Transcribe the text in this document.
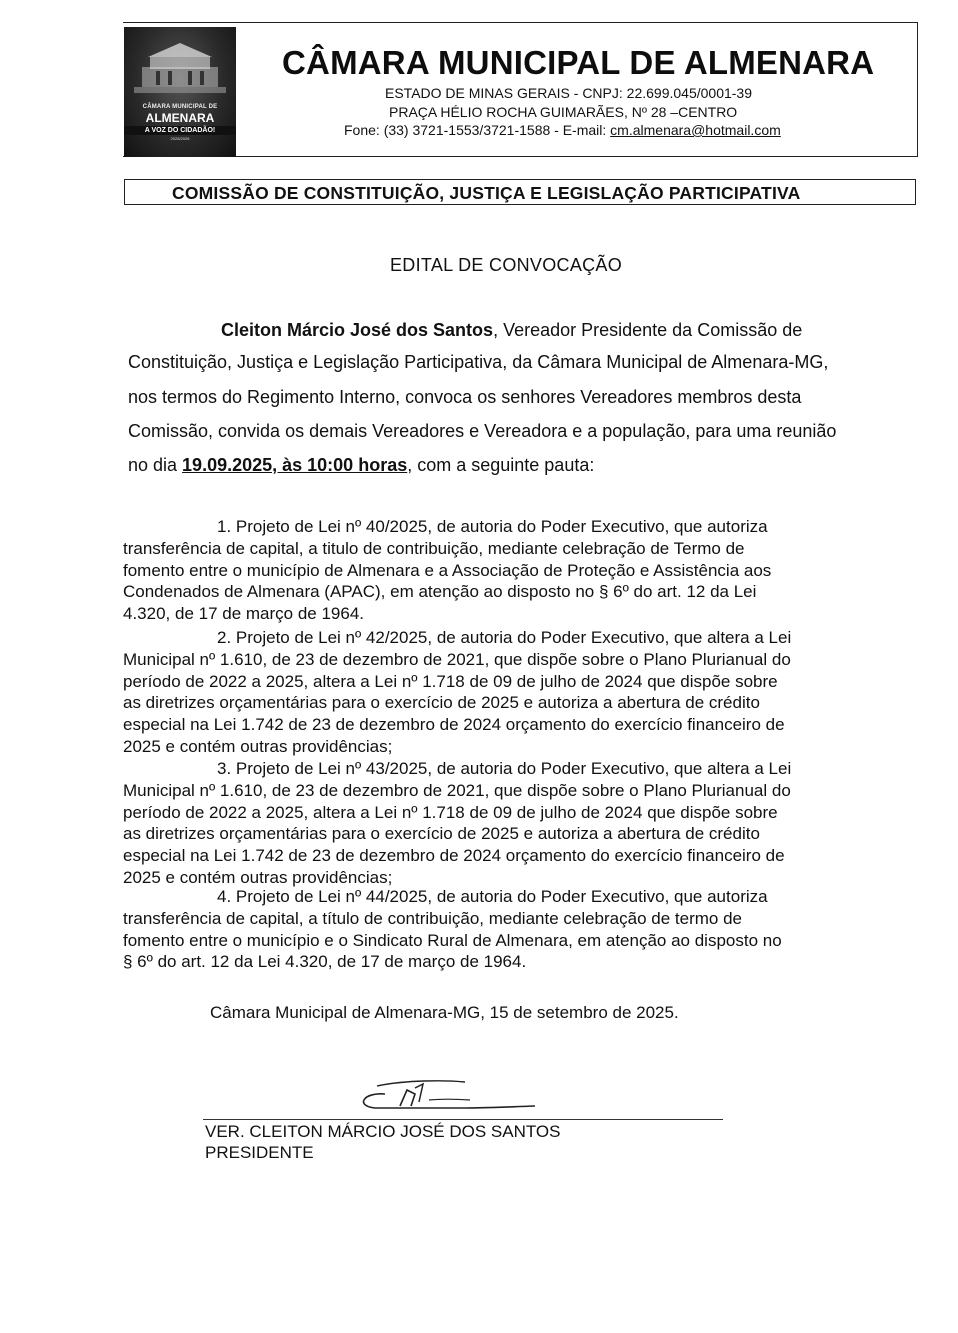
CÂMARA MUNICIPAL DE
ALMENARA
A VOZ DO CIDADÃO!
2025/2026
CÂMARA MUNICIPAL DE ALMENARA
ESTADO DE MINAS GERAIS - CNPJ: 22.699.045/0001-39
PRAÇA HÉLIO ROCHA GUIMARÃES, Nº 28 –CENTRO
Fone: (33) 3721-1553/3721-1588 - E-mail: cm.almenara@hotmail.com
COMISSÃO DE CONSTITUIÇÃO, JUSTIÇA E LEGISLAÇÃO PARTICIPATIVA
EDITAL DE CONVOCAÇÃO
Cleiton Márcio José dos Santos, Vereador Presidente da Comissão de
Constituição, Justiça e Legislação Participativa, da Câmara Municipal de Almenara-MG,
nos termos do Regimento Interno, convoca os senhores Vereadores membros desta
Comissão, convida os demais Vereadores e Vereadora e a população, para uma reunião
no dia 19.09.2025, às 10:00 horas, com a seguinte pauta:
1. Projeto de Lei nº 40/2025, de autoria do Poder Executivo, que autoriza
transferência de capital, a titulo de contribuição, mediante celebração de Termo de
fomento entre o município de Almenara e a Associação de Proteção e Assistência aos
Condenados de Almenara (APAC), em atenção ao disposto no § 6º do art. 12 da Lei
4.320, de 17 de março de 1964.
2. Projeto de Lei nº 42/2025, de autoria do Poder Executivo, que altera a Lei
Municipal nº 1.610, de 23 de dezembro de 2021, que dispõe sobre o Plano Plurianual do
período de 2022 a 2025, altera a Lei nº 1.718 de 09 de julho de 2024 que dispõe sobre
as diretrizes orçamentárias para o exercício de 2025 e autoriza a abertura de crédito
especial na Lei 1.742 de 23 de dezembro de 2024 orçamento do exercício financeiro de
2025 e contém outras providências;
3. Projeto de Lei nº 43/2025, de autoria do Poder Executivo, que altera a Lei
Municipal nº 1.610, de 23 de dezembro de 2021, que dispõe sobre o Plano Plurianual do
período de 2022 a 2025, altera a Lei nº 1.718 de 09 de julho de 2024 que dispõe sobre
as diretrizes orçamentárias para o exercício de 2025 e autoriza a abertura de crédito
especial na Lei 1.742 de 23 de dezembro de 2024 orçamento do exercício financeiro de
2025 e contém outras providências;
4. Projeto de Lei nº 44/2025, de autoria do Poder Executivo, que autoriza
transferência de capital, a título de contribuição, mediante celebração de termo de
fomento entre o município e o Sindicato Rural de Almenara, em atenção ao disposto no
§ 6º do art. 12 da Lei 4.320, de 17 de março de 1964.
Câmara Municipal de Almenara-MG, 15 de setembro de 2025.
VER. CLEITON MÁRCIO JOSÉ DOS SANTOS
PRESIDENTE
